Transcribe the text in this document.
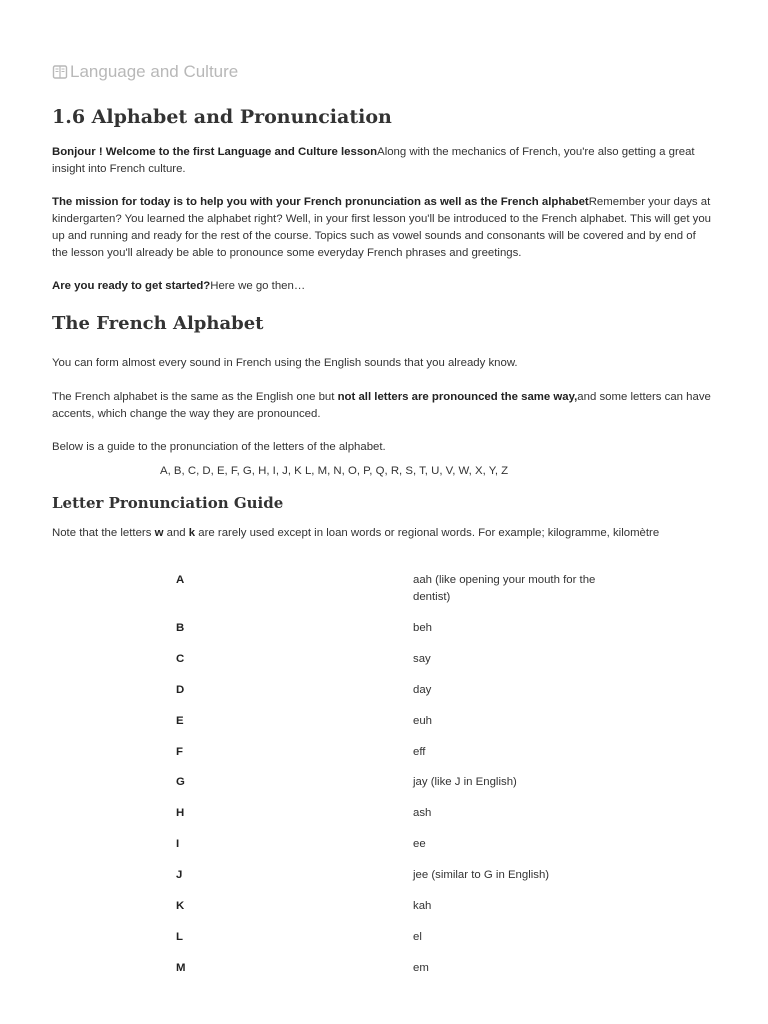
Language and Culture
1.6 Alphabet and Pronunciation

Bonjour ! Welcome to the first Language and Culture lessonAlong with the mechanics of French, you're also getting a great insight into French culture.

The mission for today is to help you with your French pronunciation as well as the French alphabetRemember your days at kindergarten? You learned the alphabet right? Well, in your first lesson you'll be introduced to the French alphabet. This will get you up and running and ready for the rest of the course. Topics such as vowel sounds and consonants will be covered and by end of the lesson you'll already be able to pronounce some everyday French phrases and greetings.

Are you ready to get started?Here we go then…

The French Alphabet

You can form almost every sound in French using the English sounds that you already know.

The French alphabet is the same as the English one but not all letters are pronounced the same way,and some letters can have accents, which change the way they are pronounced.

Below is a guide to the pronunciation of the letters of the alphabet.

A, B, C, D, E, F, G, H, I, J, K L, M, N, O, P, Q, R, S, T, U, V, W, X, Y, Z
Letter Pronunciation Guide

Note that the letters w and k are rarely used except in loan words or regional words. For example; kilogramme, kilomètre

A	aah (like opening your mouth for the dentist)
B	beh
C	say
D	day
E	euh
F	eff
G	jay (like J in English)
H	ash
I	ee
J	jee (similar to G in English)
K	kah
L	el
M	em
